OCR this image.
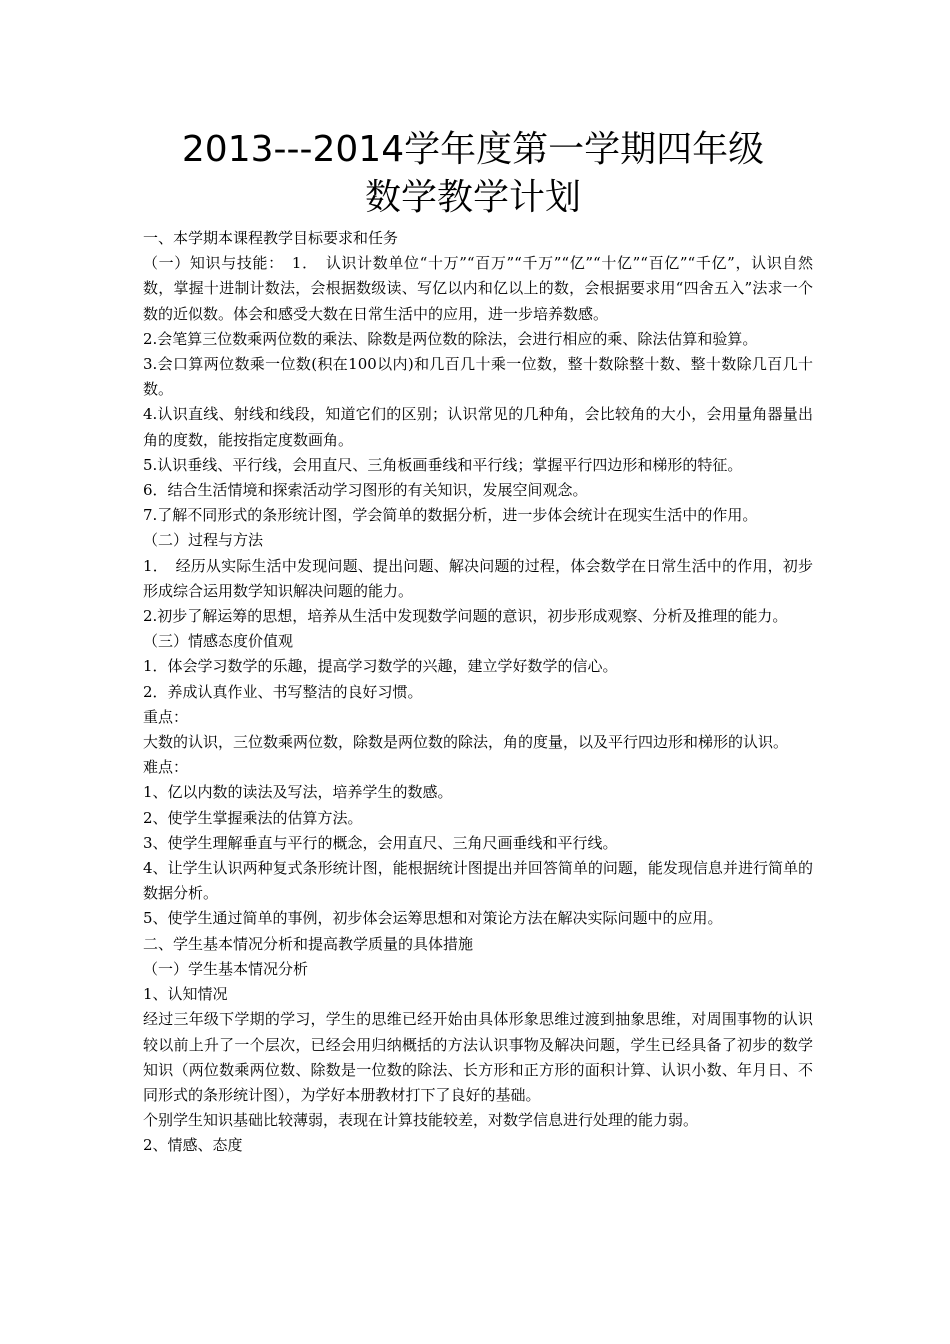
2013---2014学年度第一学期四年级
数学教学计划

一、本学期本课程教学目标要求和任务

（一）知识与技能：　1．　认识计数单位“十万”“百万”“千万”“亿”“十亿”“百亿”“千亿”，认识自然数，掌握十进制计数法，会根据数级读、写亿以内和亿以上的数，会根据要求用“四舍五入”法求一个数的近似数。体会和感受大数在日常生活中的应用，进一步培养数感。

2.会笔算三位数乘两位数的乘法、除数是两位数的除法，会进行相应的乘、除法估算和验算。

3.会口算两位数乘一位数(积在100以内)和几百几十乘一位数，整十数除整十数、整十数除几百几十数。

4.认识直线、射线和线段，知道它们的区别；认识常见的几种角，会比较角的大小，会用量角器量出角的度数，能按指定度数画角。

5.认识垂线、平行线，会用直尺、三角板画垂线和平行线；掌握平行四边形和梯形的特征。

6．结合生活情境和探索活动学习图形的有关知识，发展空间观念。

7.了解不同形式的条形统计图，学会简单的数据分析，进一步体会统计在现实生活中的作用。

（二）过程与方法

1．　经历从实际生活中发现问题、提出问题、解决问题的过程，体会数学在日常生活中的作用，初步形成综合运用数学知识解决问题的能力。

2.初步了解运筹的思想，培养从生活中发现数学问题的意识，初步形成观察、分析及推理的能力。

（三）情感态度价值观

1．体会学习数学的乐趣，提高学习数学的兴趣，建立学好数学的信心。

2．养成认真作业、书写整洁的良好习惯。

重点：

大数的认识，三位数乘两位数，除数是两位数的除法，角的度量，以及平行四边形和梯形的认识。

难点：

1、亿以内数的读法及写法，培养学生的数感。

2、使学生掌握乘法的估算方法。

3、使学生理解垂直与平行的概念，会用直尺、三角尺画垂线和平行线。

4、让学生认识两种复式条形统计图，能根据统计图提出并回答简单的问题，能发现信息并进行简单的数据分析。

5、使学生通过简单的事例，初步体会运筹思想和对策论方法在解决实际问题中的应用。

二、学生基本情况分析和提高教学质量的具体措施

（一）学生基本情况分析

1、认知情况

经过三年级下学期的学习，学生的思维已经开始由具体形象思维过渡到抽象思维，对周围事物的认识较以前上升了一个层次，已经会用归纳概括的方法认识事物及解决问题，学生已经具备了初步的数学知识（两位数乘两位数、除数是一位数的除法、长方形和正方形的面积计算、认识小数、年月日、不同形式的条形统计图），为学好本册教材打下了良好的基础。

个别学生知识基础比较薄弱，表现在计算技能较差，对数学信息进行处理的能力弱。

2、情感、态度
